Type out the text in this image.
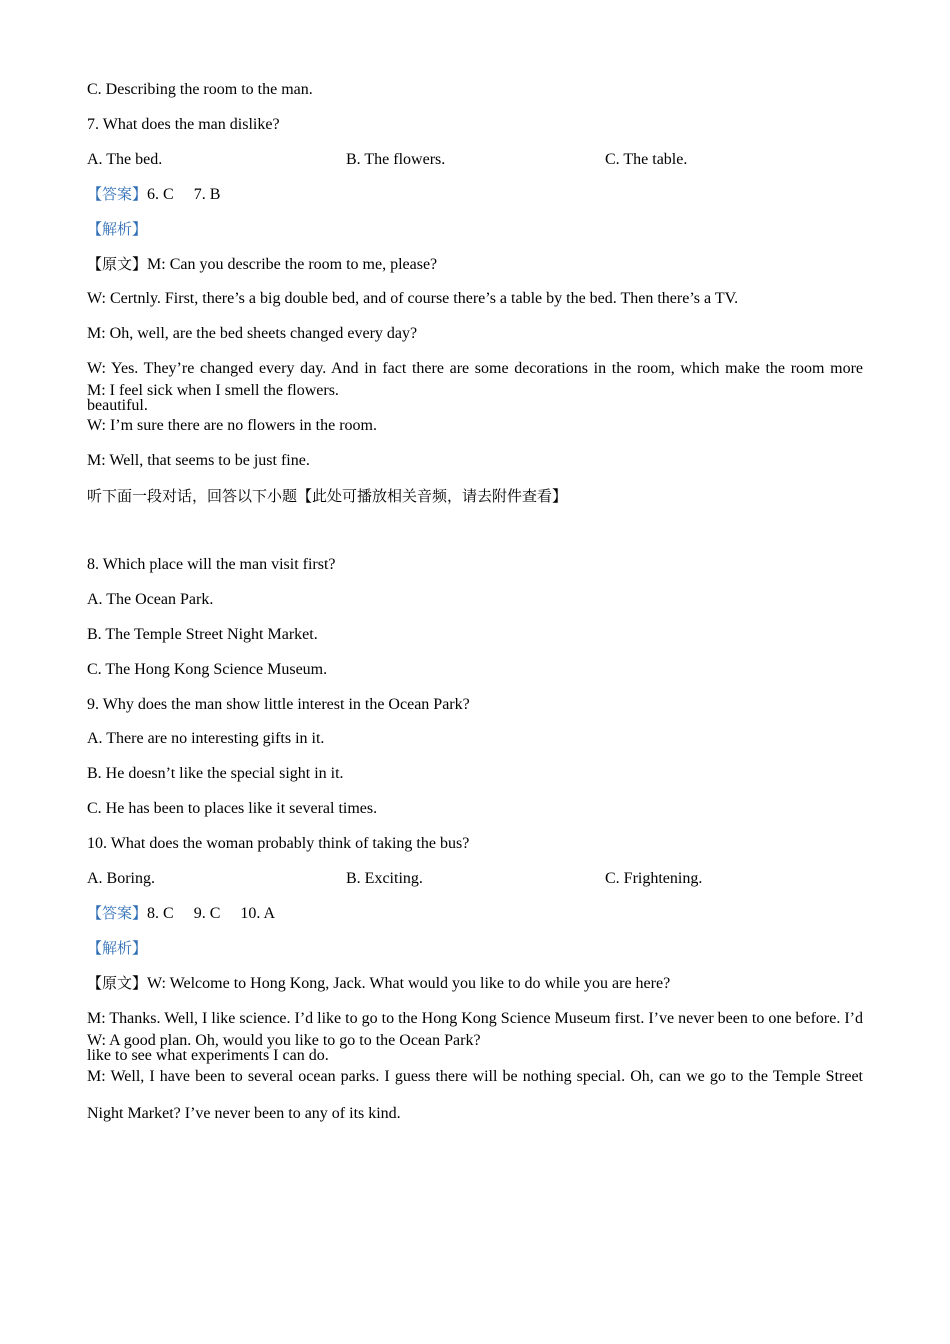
C. Describing the room to the man.
7. What does the man dislike?
A. The bed.	B. The flowers.	C. The table.
【答案】6. C 7. B
【解析】
【原文】M: Can you describe the room to me, please?
W: Certnly. First, there’s a big double bed, and of course there’s a table by the bed. Then there’s a TV.
M: Oh, well, are the bed sheets changed every day?
W: Yes. They’re changed every day. And in fact there are some decorations in the room, which make the room more beautiful.
M: I feel sick when I smell the flowers.
W: I’m sure there are no flowers in the room.
M: Well, that seems to be just fine.
听下面一段对话，回答以下小题【此处可播放相关音频，请去附件查看】
8. Which place will the man visit first?
A. The Ocean Park.
B. The Temple Street Night Market.
C. The Hong Kong Science Museum.
9. Why does the man show little interest in the Ocean Park?
A. There are no interesting gifts in it.
B. He doesn’t like the special sight in it.
C. He has been to places like it several times.
10. What does the woman probably think of taking the bus?
A. Boring.	B. Exciting.	C. Frightening.
【答案】8. C 9. C 10. A
【解析】
【原文】W: Welcome to Hong Kong, Jack. What would you like to do while you are here?
M: Thanks. Well, I like science. I’d like to go to the Hong Kong Science Museum first. I’ve never been to one before. I’d like to see what experiments I can do.
W: A good plan. Oh, would you like to go to the Ocean Park?
M: Well, I have been to several ocean parks. I guess there will be nothing special. Oh, can we go to the Temple Street Night Market? I’ve never been to any of its kind.
